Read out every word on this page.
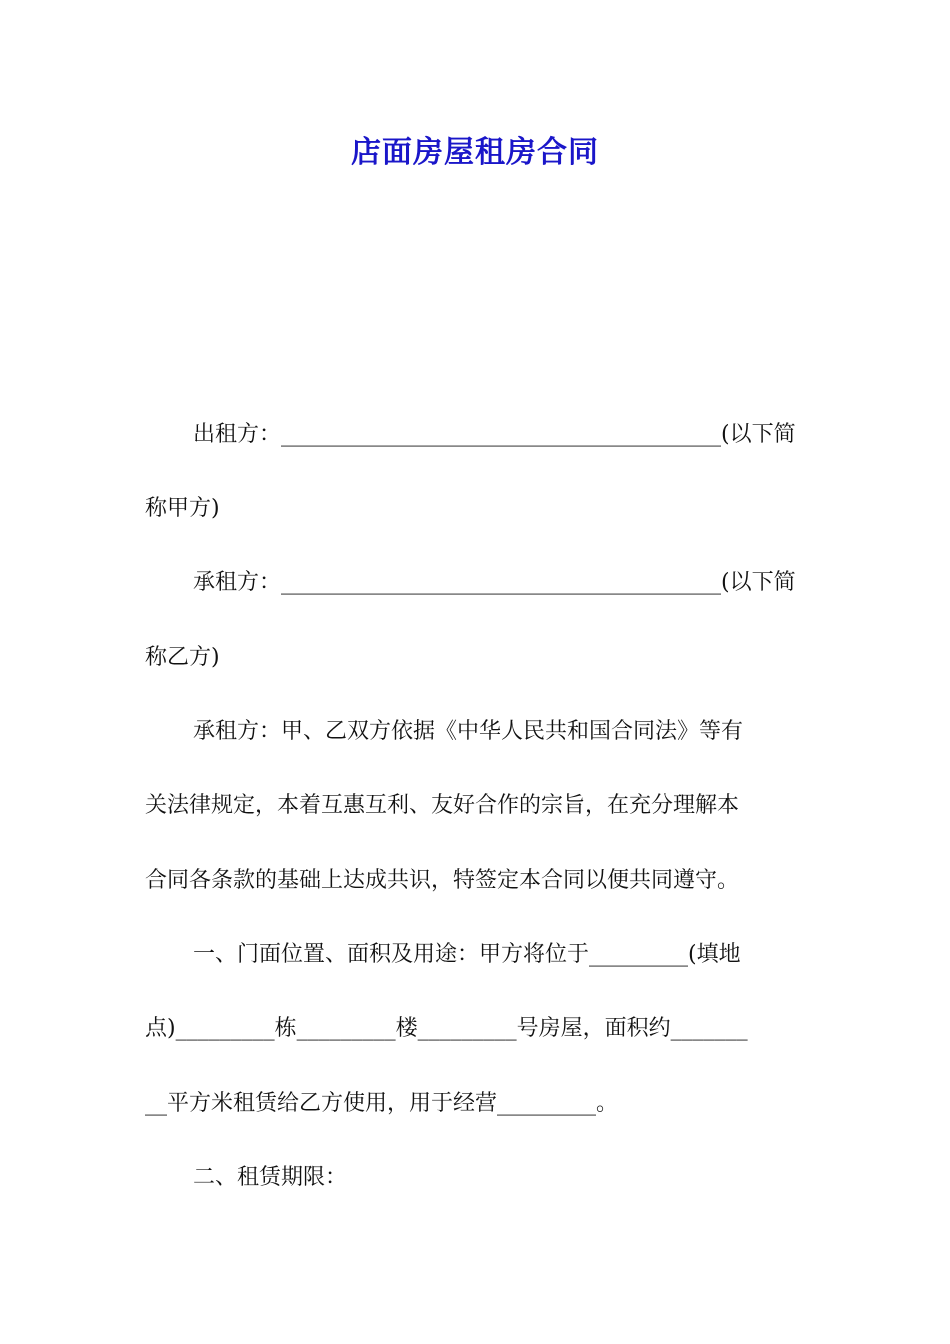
店面房屋租房合同
出租方：________________________________________(以下简
称甲方)
承租方：________________________________________(以下简
称乙方)
承租方：甲、乙双方依据《中华人民共和国合同法》等有
关法律规定，本着互惠互利、友好合作的宗旨，在充分理解本
合同各条款的基础上达成共识，特签定本合同以便共同遵守。
一、门面位置、面积及用途：甲方将位于_________(填地
点)_________栋_________楼_________号房屋，面积约_______
__平方米租赁给乙方使用，用于经营_________。
二、租赁期限：
